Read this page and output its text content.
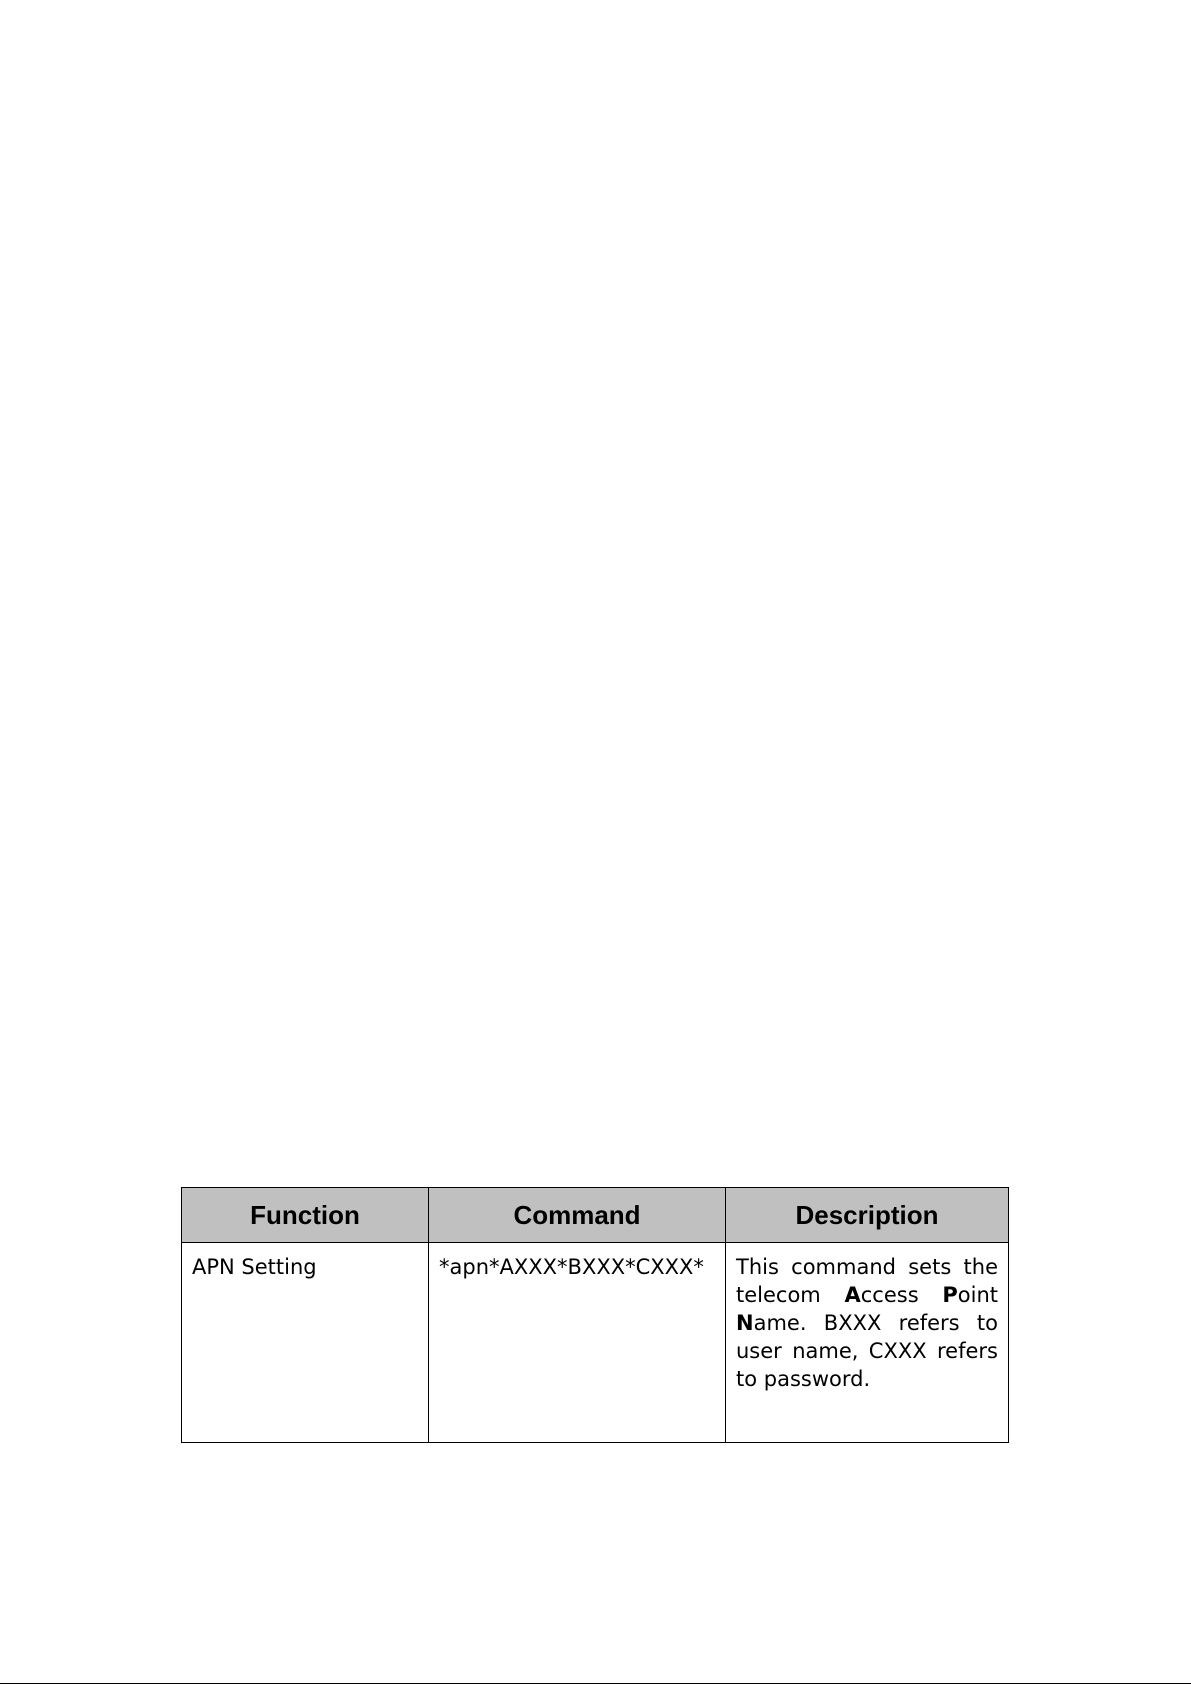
Function	Command	Description
APN Setting	*apn*AXXX*BXXX*CXXX*	This command sets the telecom Access Point Name. BXXX refers to user name, CXXX refers to password.
